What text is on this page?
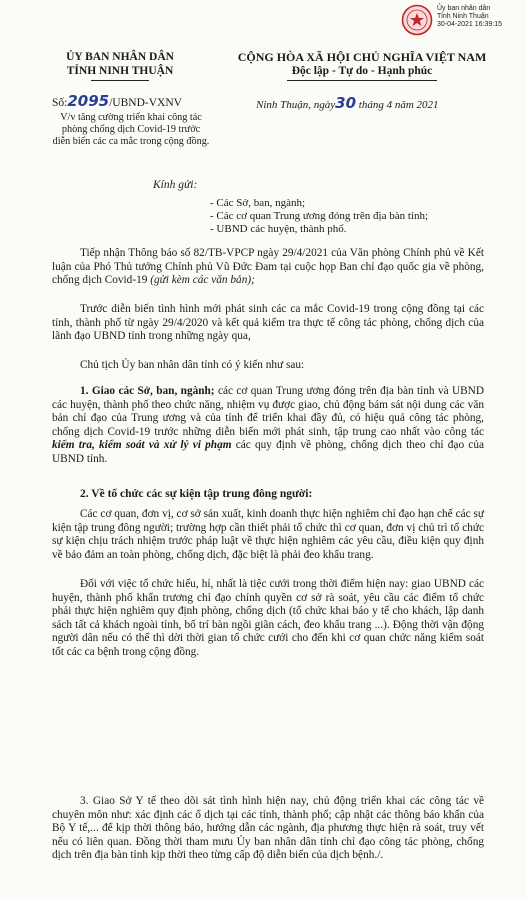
Ủy ban nhân dân
Tỉnh Ninh Thuận
30-04-2021 16:39:15
ỦY BAN NHÂN DÂN
TỈNH NINH THUẬN
CỘNG HÒA XÃ HỘI CHỦ NGHĨA VIỆT NAM
Độc lập - Tự do - Hạnh phúc
Số:2095/UBND-VXNV	Ninh Thuận, ngày30 tháng 4 năm 2021
V/v tăng cường triển khai công tác phòng chống dịch Covid-19 trước diễn biến các ca mắc trong cộng đồng.
Kính gửi:
- Các Sở, ban, ngành;
- Các cơ quan Trung ương đóng trên địa bàn tỉnh;
- UBND các huyện, thành phố.
Tiếp nhận Thông báo số 82/TB-VPCP ngày 29/4/2021 của Văn phòng Chính phủ về Kết luận của Phó Thủ tướng Chính phủ Vũ Đức Đam tại cuộc họp Ban chỉ đạo quốc gia về phòng, chống dịch Covid-19 (gửi kèm các văn bản);
Trước diễn biến tình hình mới phát sinh các ca mắc Covid-19 trong cộng đồng tại các tỉnh, thành phố từ ngày 29/4/2020 và kết quả kiểm tra thực tế công tác phòng, chống dịch của lãnh đạo UBND tỉnh trong những ngày qua,
Chủ tịch Ủy ban nhân dân tỉnh có ý kiến như sau:
1. Giao các Sở, ban, ngành; các cơ quan Trung ương đóng trên địa bàn tỉnh và UBND các huyện, thành phố theo chức năng, nhiệm vụ được giao, chủ động bám sát nội dung các văn bản chỉ đạo của Trung ương và của tỉnh để triển khai đầy đủ, có hiệu quả công tác phòng, chống dịch Covid-19 trước những diễn biến mới phát sinh, tập trung cao nhất vào công tác kiểm tra, kiểm soát và xử lý vi phạm các quy định về phòng, chống dịch theo chỉ đạo của UBND tỉnh.
2. Về tổ chức các sự kiện tập trung đông người:
Các cơ quan, đơn vị, cơ sở sản xuất, kinh doanh thực hiện nghiêm chỉ đạo hạn chế các sự kiện tập trung đông người; trường hợp cần thiết phải tổ chức thì cơ quan, đơn vị chủ trì tổ chức sự kiện chịu trách nhiệm trước pháp luật về thực hiện nghiêm các yêu cầu, điều kiện quy định về bảo đảm an toàn phòng, chống dịch, đặc biệt là phải đeo khẩu trang.
Đối với việc tổ chức hiếu, hỉ, nhất là tiệc cưới trong thời điểm hiện nay: giao UBND các huyện, thành phố khẩn trương chỉ đạo chính quyền cơ sở rà soát, yêu cầu các điểm tổ chức phải thực hiện nghiêm quy định phòng, chống dịch (tổ chức khai báo y tế cho khách, lập danh sách tất cả khách ngoài tỉnh, bố trí bàn ngồi giãn cách, đeo khẩu trang ...). Động thời vận động người dân nếu có thể thì dời thời gian tổ chức cưới cho đến khi cơ quan chức năng kiểm soát tốt các ca bệnh trong cộng đồng.
3. Giao Sở Y tế theo dõi sát tình hình hiện nay, chủ động triển khai các công tác về chuyên môn như: xác định các ổ dịch tại các tỉnh, thành phố; cập nhật các thông báo khẩn của Bộ Y tế,... để kịp thời thông báo, hướng dẫn các ngành, địa phương thực hiện rà soát, truy vết nếu có liên quan. Đồng thời tham mưu Ủy ban nhân dân tỉnh chỉ đạo công tác phòng, chống dịch trên địa bàn tỉnh kịp thời theo từng cấp độ diễn biến của dịch bệnh./.
